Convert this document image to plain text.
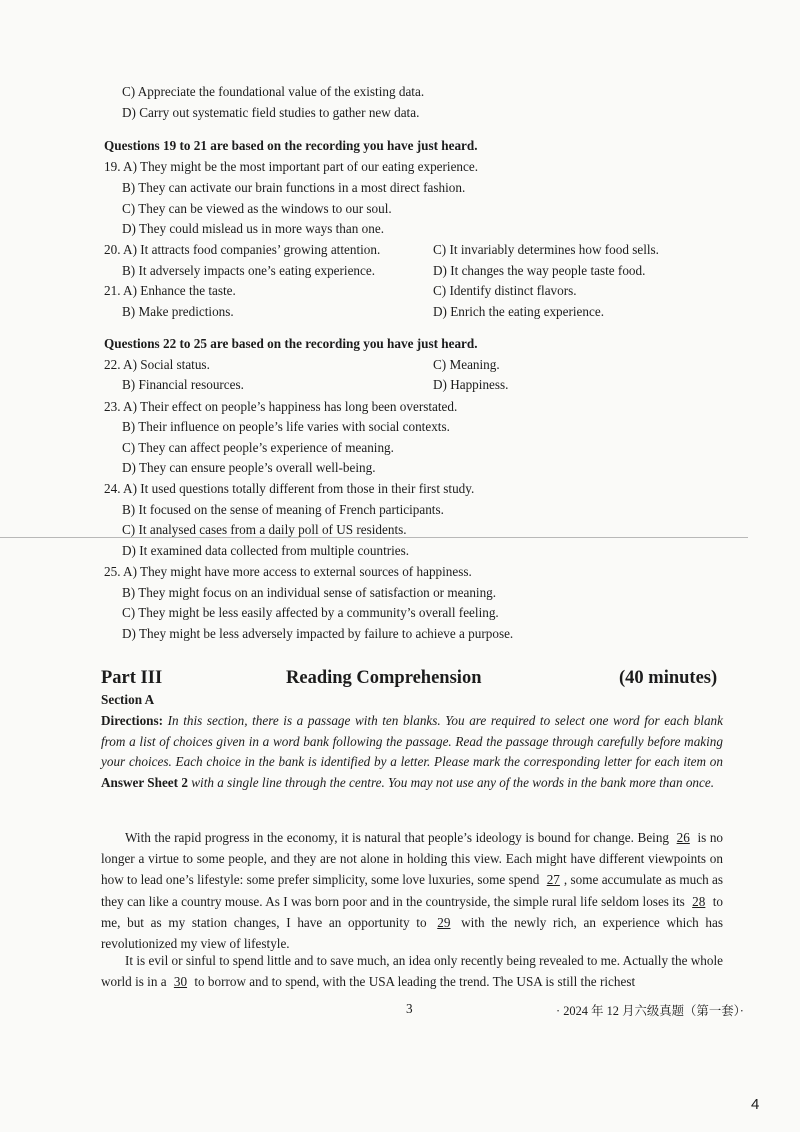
C) Appreciate the foundational value of the existing data.
D) Carry out systematic field studies to gather new data.
Questions 19 to 21 are based on the recording you have just heard.
19. A) They might be the most important part of our eating experience.
B) They can activate our brain functions in a most direct fashion.
C) They can be viewed as the windows to our soul.
D) They could mislead us in more ways than one.
20. A) It attracts food companies’ growing attention.	C) It invariably determines how food sells.
B) It adversely impacts one’s eating experience.	D) It changes the way people taste food.
21. A) Enhance the taste.	C) Identify distinct flavors.
B) Make predictions.	D) Enrich the eating experience.
Questions 22 to 25 are based on the recording you have just heard.
22. A) Social status.	C) Meaning.
B) Financial resources.	D) Happiness.
23. A) Their effect on people’s happiness has long been overstated.
B) Their influence on people’s life varies with social contexts.
C) They can affect people’s experience of meaning.
D) They can ensure people’s overall well-being.
24. A) It used questions totally different from those in their first study.
B) It focused on the sense of meaning of French participants.
C) It analysed cases from a daily poll of US residents.
D) It examined data collected from multiple countries.
25. A) They might have more access to external sources of happiness.
B) They might focus on an individual sense of satisfaction or meaning.
C) They might be less easily affected by a community’s overall feeling.
D) They might be less adversely impacted by failure to achieve a purpose.
Part III	Reading Comprehension	(40 minutes)
Section A
Directions: In this section, there is a passage with ten blanks. You are required to select one word for each blank from a list of choices given in a word bank following the passage. Read the passage through carefully before making your choices. Each choice in the bank is identified by a letter. Please mark the corresponding letter for each item on Answer Sheet 2 with a single line through the centre. You may not use any of the words in the bank more than once.
With the rapid progress in the economy, it is natural that people’s ideology is bound for change. Being 26 is no longer a virtue to some people, and they are not alone in holding this view. Each might have different viewpoints on how to lead one’s lifestyle: some prefer simplicity, some love luxuries, some spend 27 , some accumulate as much as they can like a country mouse. As I was born poor and in the countryside, the simple rural life seldom loses its 28 to me, but as my station changes, I have an opportunity to 29 with the newly rich, an experience which has revolutionized my view of lifestyle.
It is evil or sinful to spend little and to save much, an idea only recently being revealed to me. Actually the whole world is in a 30 to borrow and to spend, with the USA leading the trend. The USA is still the richest
3	· 2024 年 12 月六级真题（第一套）·
4
